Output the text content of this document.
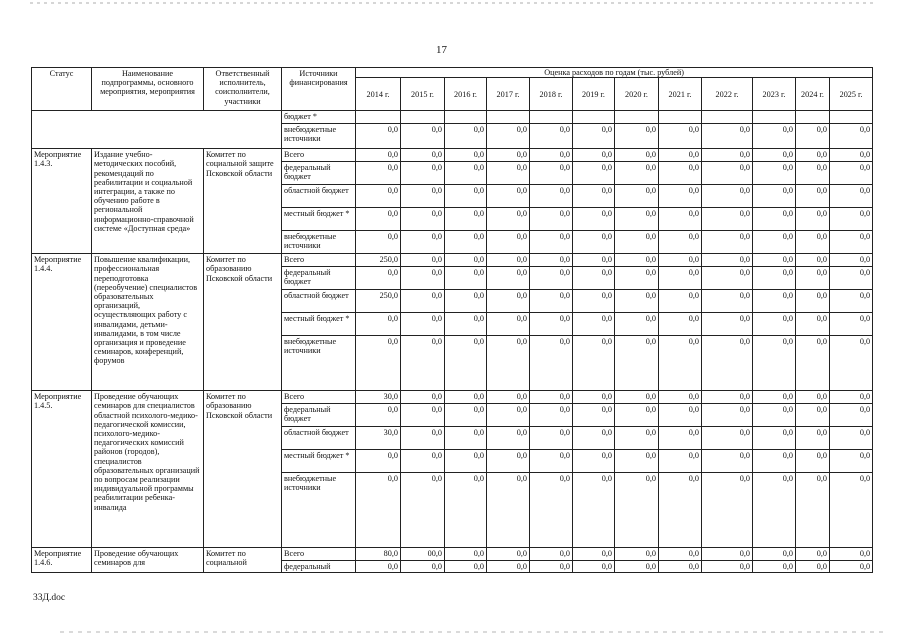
17
Статус	Наименование подпрограммы, основного мероприятия, мероприятия	Ответственный исполнитель, соисполнители, участники	Источники финансирования	Оценка расходов по годам (тыс. рублей)											
				2014 г.	2015 г.	2016 г.	2017 г.	2018 г.	2019 г.	2020 г.	2021 г.	2022 г.	2023 г.	2024 г.	2025 г.
			бюджет *												
			внебюджетные источники	0,0	0,0	0,0	0,0	0,0	0,0	0,0	0,0	0,0	0,0	0,0	0,0
Мероприятие 1.4.3.	Издание учебно-методических пособий, рекомендаций по реабилитации и социальной интеграции, а также по обучению работе в региональной информационно-справочной системе «Доступная среда»	Комитет по социальной защите Псковской области	Всего	0,0	0,0	0,0	0,0	0,0	0,0	0,0	0,0	0,0	0,0	0,0	0,0
			федеральный бюджет	0,0	0,0	0,0	0,0	0,0	0,0	0,0	0,0	0,0	0,0	0,0	0,0
			областной бюджет	0,0	0,0	0,0	0,0	0,0	0,0	0,0	0,0	0,0	0,0	0,0	0,0
			местный бюджет *	0,0	0,0	0,0	0,0	0,0	0,0	0,0	0,0	0,0	0,0	0,0	0,0
			внебюджетные источники	0,0	0,0	0,0	0,0	0,0	0,0	0,0	0,0	0,0	0,0	0,0	0,0
Мероприятие 1.4.4.	Повышение квалификации, профессиональная переподготовка (переобучение) специалистов образовательных организаций, осуществляющих работу с инвалидами, детьми-инвалидами, в том числе организация и проведение семинаров, конференций, форумов	Комитет по образованию Псковской области	Всего	250,0	0,0	0,0	0,0	0,0	0,0	0,0	0,0	0,0	0,0	0,0	0,0
			федеральный бюджет	0,0	0,0	0,0	0,0	0,0	0,0	0,0	0,0	0,0	0,0	0,0	0,0
			областной бюджет	250,0	0,0	0,0	0,0	0,0	0,0	0,0	0,0	0,0	0,0	0,0	0,0
			местный бюджет *	0,0	0,0	0,0	0,0	0,0	0,0	0,0	0,0	0,0	0,0	0,0	0,0
			внебюджетные источники	0,0	0,0	0,0	0,0	0,0	0,0	0,0	0,0	0,0	0,0	0,0	0,0
Мероприятие 1.4.5.	Проведение обучающих семинаров для специалистов областной психолого-медико-педагогической комиссии, психолого-медико-педагогических комиссий районов (городов), специалистов образовательных организаций по вопросам реализации индивидуальной программы реабилитации ребенка-инвалида	Комитет по образованию Псковской области	Всего	30,0	0,0	0,0	0,0	0,0	0,0	0,0	0,0	0,0	0,0	0,0	0,0
			федеральный бюджет	0,0	0,0	0,0	0,0	0,0	0,0	0,0	0,0	0,0	0,0	0,0	0,0
			областной бюджет	30,0	0,0	0,0	0,0	0,0	0,0	0,0	0,0	0,0	0,0	0,0	0,0
			местный бюджет *	0,0	0,0	0,0	0,0	0,0	0,0	0,0	0,0	0,0	0,0	0,0	0,0
			внебюджетные источники	0,0	0,0	0,0	0,0	0,0	0,0	0,0	0,0	0,0	0,0	0,0	0,0
Мероприятие 1.4.6.	Проведение обучающих семинаров для	Комитет по социальной	Всего	80,0	00,0	0,0	0,0	0,0	0,0	0,0	0,0	0,0	0,0	0,0	0,0
			федеральный	0,0	0,0	0,0	0,0	0,0	0,0	0,0	0,0	0,0	0,0	0,0	0,0
33Д.doc
